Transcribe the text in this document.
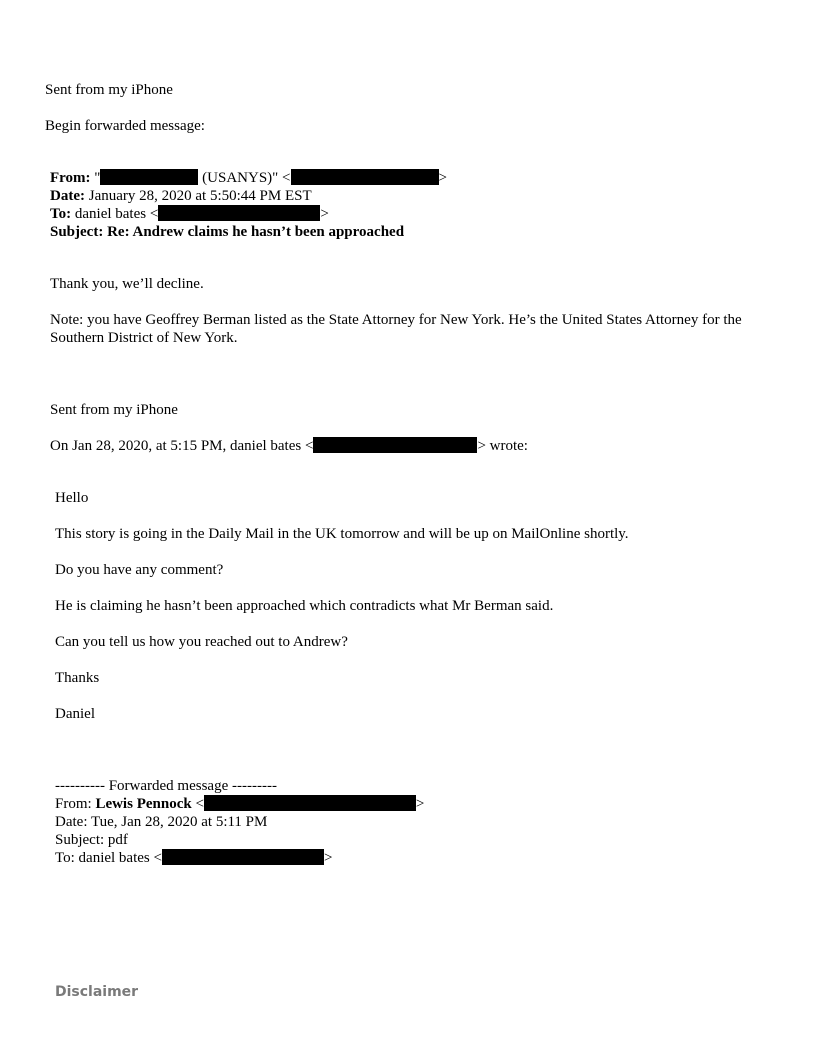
Sent from my iPhone
Begin forwarded message:
From: "	(USANYS)" <	>
Date: January 28, 2020 at 5:50:44 PM EST
To: daniel bates <	>
Subject: Re: Andrew claims he hasn’t been approached
Thank you, we’ll decline.
Note: you have Geoffrey Berman listed as the State Attorney for New York. He’s the United States Attorney for the Southern District of New York.
Sent from my iPhone
On Jan 28, 2020, at 5:15 PM, daniel bates <	> wrote:
Hello
This story is going in the Daily Mail in the UK tomorrow and will be up on MailOnline shortly.
Do you have any comment?
He is claiming he hasn’t been approached which contradicts what Mr Berman said.
Can you tell us how you reached out to Andrew?
Thanks
Daniel
---------- Forwarded message ---------
From: Lewis Pennock <	>
Date: Tue, Jan 28, 2020 at 5:11 PM
Subject: pdf
To: daniel bates <	>
Disclaimer
